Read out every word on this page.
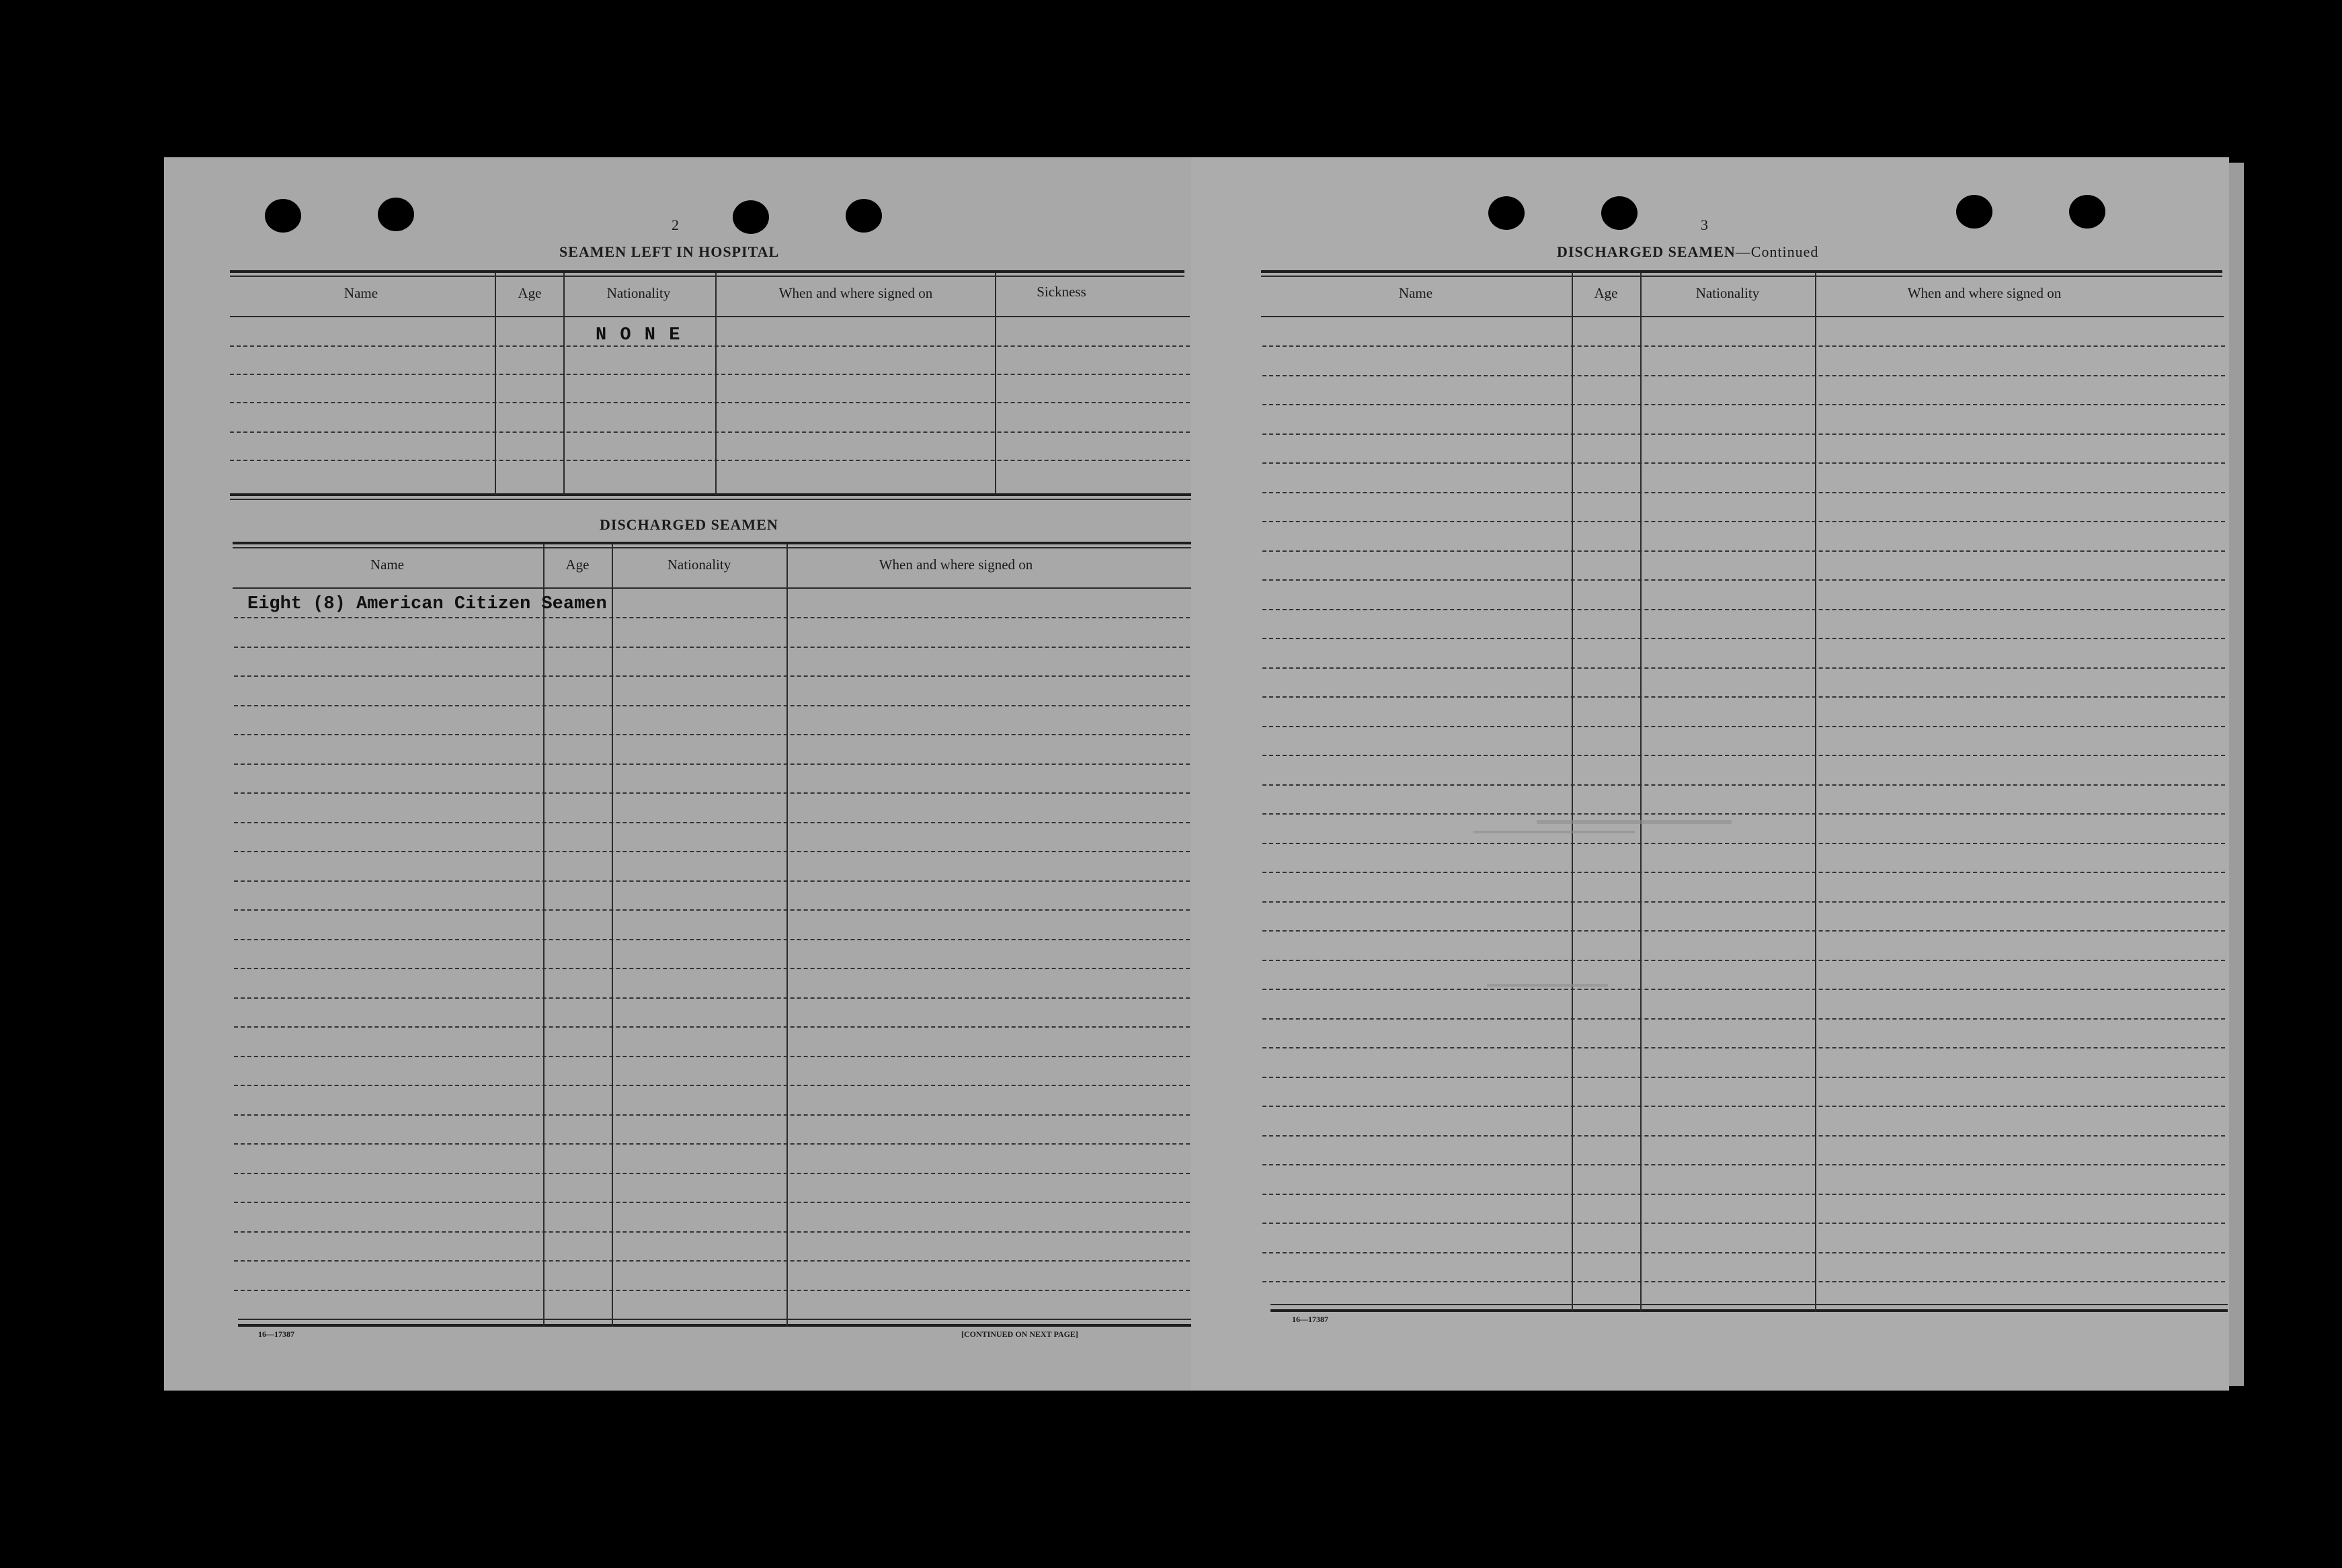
2
SEAMEN LEFT IN HOSPITAL
Name	Age	Nationality	When and where signed on	Sickness
N O N E
DISCHARGED SEAMEN
Name	Age	Nationality	When and where signed on
Eight (8) American Citizen Seamen
16—17387	[CONTINUED ON NEXT PAGE]
3
DISCHARGED SEAMEN—Continued
Name	Age	Nationality	When and where signed on
16—17387
